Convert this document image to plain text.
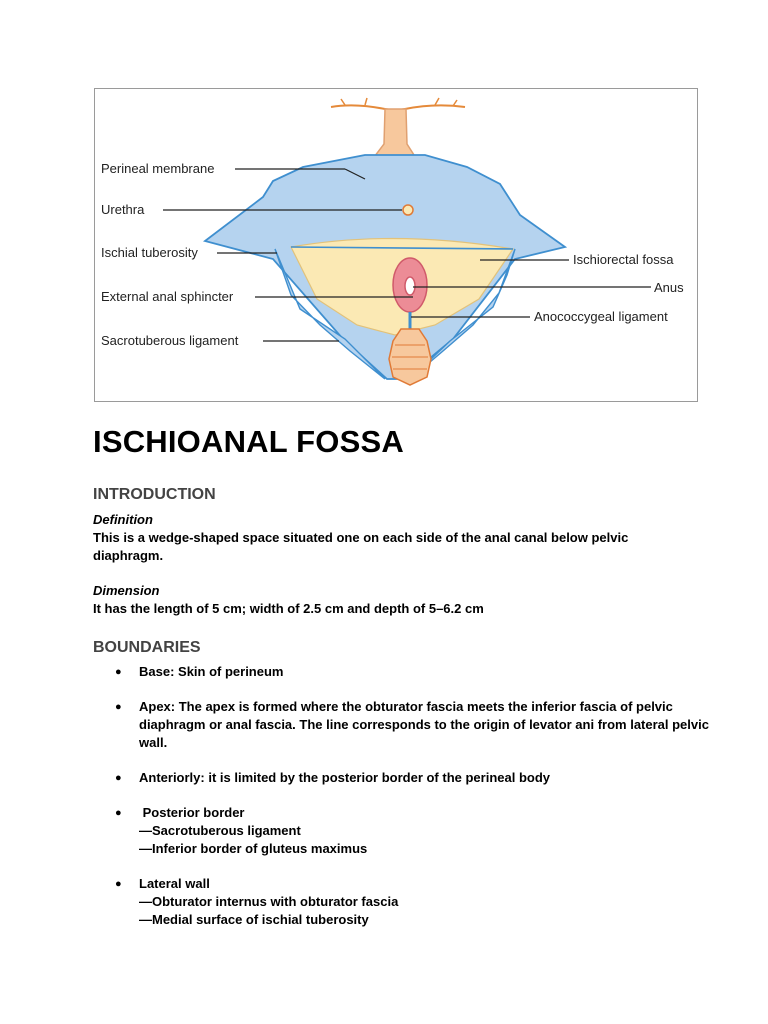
Perineal membrane
Urethra
Ischial tuberosity
External anal sphincter
Sacrotuberous ligament
Ischiorectal fossa
Anus
Anococcygeal ligament
ISCHIOANAL FOSSA
INTRODUCTION

Definition

This is a wedge-shaped space situated one on each side of the anal canal below pelvic diaphragm.

Dimension

It has the length of 5 cm; width of 2.5 cm and depth of 5–6.2 cm

BOUNDARIES
● Base: Skin of perineum
● Apex: The apex is formed where the obturator fascia meets the inferior fascia of pelvic diaphragm or anal fascia. The line corresponds to the origin of levator ani from lateral pelvic wall.
● Anteriorly: it is limited by the posterior border of the perineal body
● Posterior border
—Sacrotuberous ligament
—Inferior border of gluteus maximus
● Lateral wall
—Obturator internus with obturator fascia
—Medial surface of ischial tuberosity
